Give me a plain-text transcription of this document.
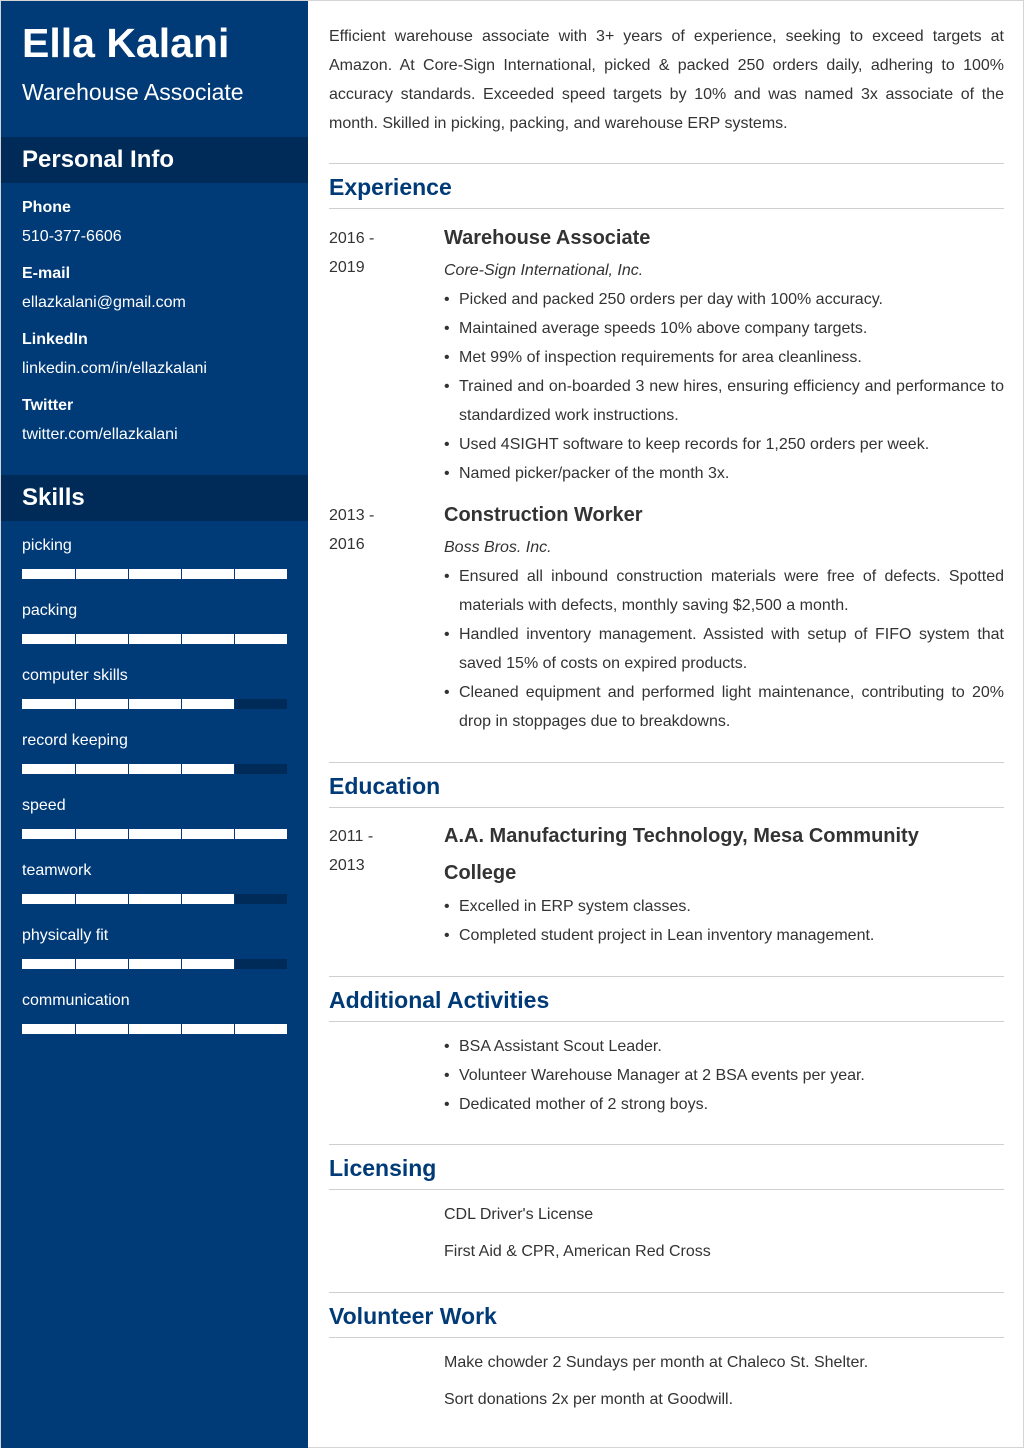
Ella Kalani
Warehouse Associate
Personal Info
Phone
510-377-6606
E-mail
ellazkalani@gmail.com
LinkedIn
linkedin.com/in/ellazkalani
Twitter
twitter.com/ellazkalani
Skills
picking
packing
computer skills
record keeping
speed
teamwork
physically fit
communication
Efficient warehouse associate with 3+ years of experience, seeking to exceed targets at Amazon. At Core-Sign International, picked & packed 250 orders daily, adhering to 100% accuracy standards. Exceeded speed targets by 10% and was named 3x associate of the month. Skilled in picking, packing, and warehouse ERP systems.
Experience
2016 -
2019
Warehouse Associate
Core-Sign International, Inc.
• Picked and packed 250 orders per day with 100% accuracy.
• Maintained average speeds 10% above company targets.
• Met 99% of inspection requirements for area cleanliness.
• Trained and on-boarded 3 new hires, ensuring efficiency and performance to standardized work instructions.
• Used 4SIGHT software to keep records for 1,250 orders per week.
• Named picker/packer of the month 3x.
2013 -
2016
Construction Worker
Boss Bros. Inc.
• Ensured all inbound construction materials were free of defects. Spotted materials with defects, monthly saving $2,500 a month.
• Handled inventory management. Assisted with setup of FIFO system that saved 15% of costs on expired products.
• Cleaned equipment and performed light maintenance, contributing to 20% drop in stoppages due to breakdowns.
Education
2011 -
2013
A.A. Manufacturing Technology, Mesa Community College
• Excelled in ERP system classes.
• Completed student project in Lean inventory management.
Additional Activities
• BSA Assistant Scout Leader.
• Volunteer Warehouse Manager at 2 BSA events per year.
• Dedicated mother of 2 strong boys.
Licensing
CDL Driver's License
First Aid & CPR, American Red Cross
Volunteer Work
Make chowder 2 Sundays per month at Chaleco St. Shelter.
Sort donations 2x per month at Goodwill.
